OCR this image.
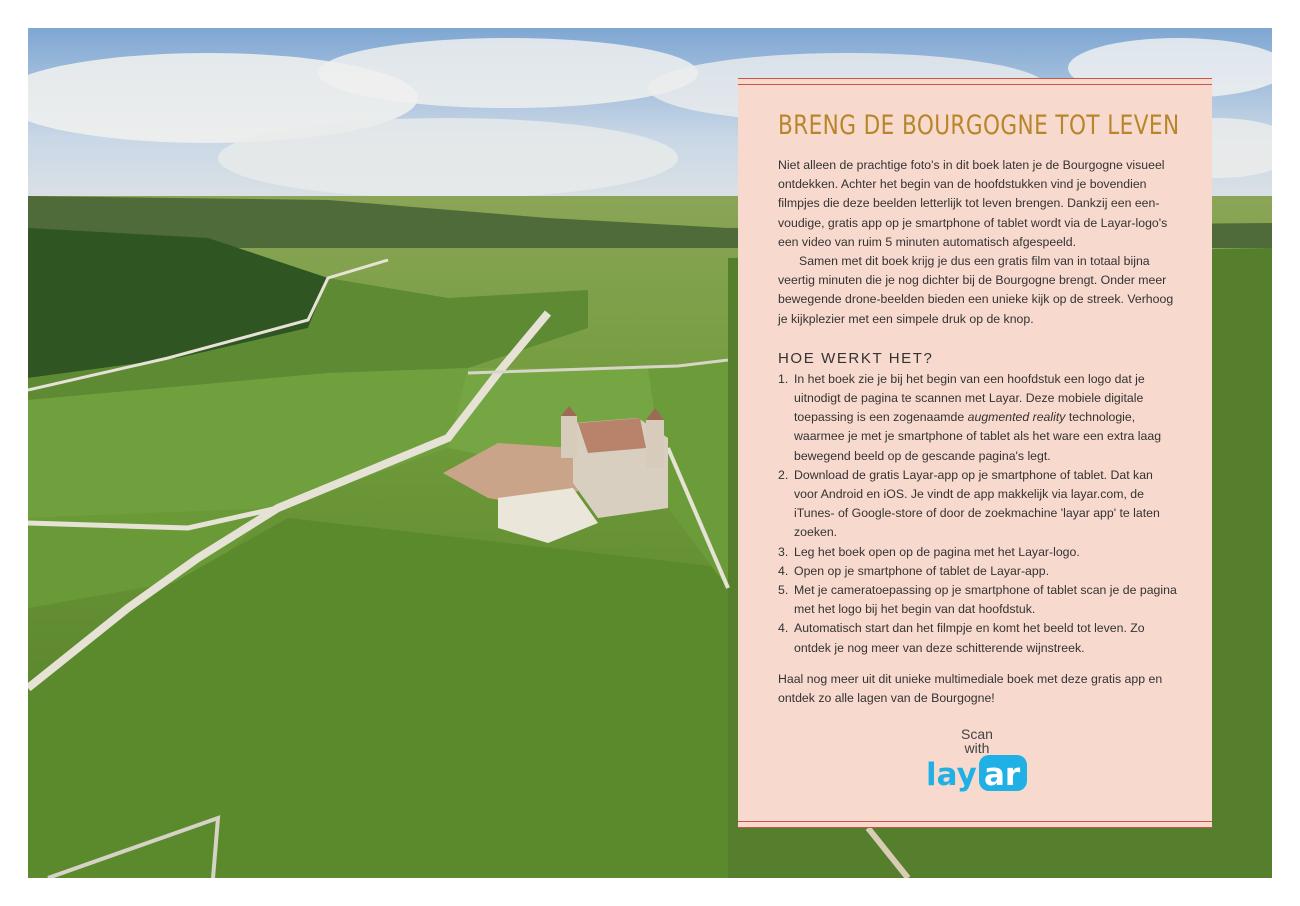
BRENG DE BOURGOGNE TOT LEVEN

Niet alleen de prachtige foto's in dit boek laten je de Bourgogne visueel ontdekken. Achter het begin van de hoofdstukken vind je bovendien filmpjes die deze beelden letterlijk tot leven brengen. Dankzij een een-voudige, gratis app op je smartphone of tablet wordt via de Layar-logo's een video van ruim 5 minuten automatisch afgespeeld.

Samen met dit boek krijg je dus een gratis film van in totaal bijna veertig minuten die je nog dichter bij de Bourgogne brengt. Onder meer bewegende drone-beelden bieden een unieke kijk op de streek. Verhoog je kijkplezier met een simpele druk op de knop.

HOE WERKT HET?
1. In het boek zie je bij het begin van een hoofdstuk een logo dat je uitnodigt de pagina te scannen met Layar. Deze mobiele digitale toepassing is een zogenaamde augmented reality technologie, waarmee je met je smartphone of tablet als het ware een extra laag bewegend beeld op de gescande pagina's legt.
2. Download de gratis Layar-app op je smartphone of tablet. Dat kan voor Android en iOS. Je vindt de app makkelijk via layar.com, de iTunes- of Google-store of door de zoekmachine 'layar app' te laten zoeken.
3. Leg het boek open op de pagina met het Layar-logo.
4. Open op je smartphone of tablet de Layar-app.
5. Met je cameratoepassing op je smartphone of tablet scan je de pagina met het logo bij het begin van dat hoofdstuk.
4. Automatisch start dan het filmpje en komt het beeld tot leven. Zo ontdek je nog meer van deze schitterende wijnstreek.

Haal nog meer uit dit unieke multimediale boek met deze gratis app en ontdek zo alle lagen van de Bourgogne!

Scan
with
lay ar
